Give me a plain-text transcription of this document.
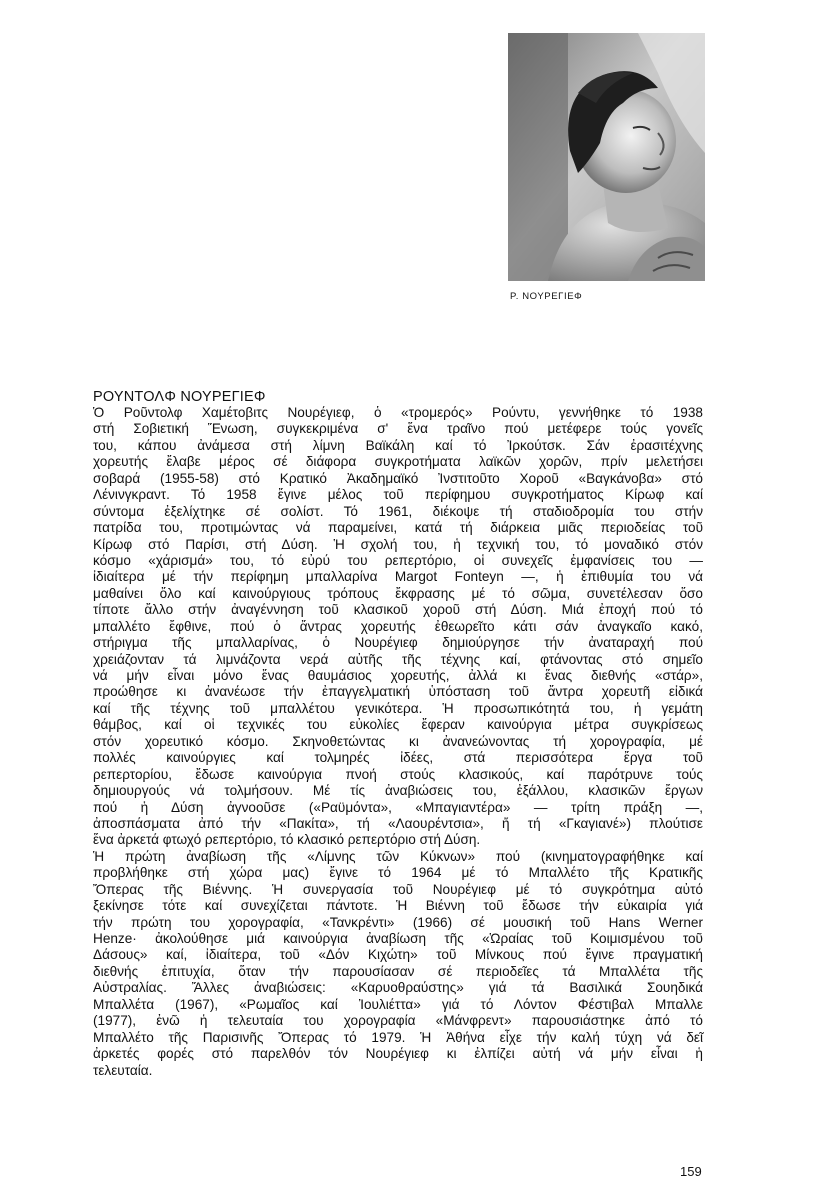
Ρ. ΝΟΥΡΕΓΙΕΦ
ΡΟΥΝΤΟΛΦ ΝΟΥΡΕΓΙΕΦ
Ὁ Ροῦντολφ Χαμέτοβιτς Νουρέγιεφ, ὁ «τρομερός» Ρούντυ, γεννήθηκε τό 1938
στή Σοβιετική Ἕνωση, συγκεκριμένα σ' ἕνα τραῖνο πού μετέφερε τούς γονεῖς
του, κάπου ἀνάμεσα στή λίμνη Βαϊκάλη καί τό Ἰρκούτσκ. Σάν ἐρασιτέχνης
χορευτής ἔλαβε μέρος σέ διάφορα συγκροτήματα λαϊκῶν χορῶν, πρίν μελετήσει
σοβαρά (1955-58) στό Κρατικό Ἀκαδημαϊκό Ἰνστιτοῦτο Χοροῦ «Βαγκάνοβα» στό
Λένινγκραντ. Τό 1958 ἔγινε μέλος τοῦ περίφημου συγκροτήματος Κίρωφ καί
σύντομα ἐξελίχτηκε σέ σολίστ. Τό 1961, διέκοψε τή σταδιοδρομία του στήν
πατρίδα του, προτιμώντας νά παραμείνει, κατά τή διάρκεια μιᾶς περιοδείας τοῦ
Κίρωφ στό Παρίσι, στή Δύση. Ἡ σχολή του, ἡ τεχνική του, τό μοναδικό στόν
κόσμο «χάρισμά» του, τό εὐρύ του ρεπερτόριο, οἱ συνεχεῖς ἐμφανίσεις του —
ἰδιαίτερα μέ τήν περίφημη μπαλλαρίνα Margot Fonteyn —, ἡ ἐπιθυμία του νά
μαθαίνει ὅλο καί καινούργιους τρόπους ἔκφρασης μέ τό σῶμα, συνετέλεσαν ὅσο
τίποτε ἄλλο στήν ἀναγέννηση τοῦ κλασικοῦ χοροῦ στή Δύση. Μιά ἐποχή πού τό
μπαλλέτο ἔφθινε, πού ὁ ἄντρας χορευτής ἐθεωρεῖτο κάτι σάν ἀναγκαῖο κακό,
στήριγμα τῆς μπαλλαρίνας, ὁ Νουρέγιεφ δημιούργησε τήν ἀναταραχή πού
χρειάζονταν τά λιμνάζοντα νερά αὐτῆς τῆς τέχνης καί, φτάνοντας στό σημεῖο
νά μήν εἶναι μόνο ἕνας θαυμάσιος χορευτής, ἀλλά κι ἕνας διεθνής «στάρ»,
προώθησε κι ἀνανέωσε τήν ἐπαγγελματική ὑπόσταση τοῦ ἄντρα χορευτῆ εἰδικά
καί τῆς τέχνης τοῦ μπαλλέτου γενικότερα. Ἡ προσωπικότητά του, ἡ γεμάτη
θάμβος, καί οἱ τεχνικές του εὐκολίες ἔφεραν καινούργια μέτρα συγκρίσεως
στόν χορευτικό κόσμο. Σκηνοθετώντας κι ἀνανεώνοντας τή χορογραφία, μέ
πολλές καινούργιες καί τολμηρές ἰδέες, στά περισσότερα ἔργα τοῦ
ρεπερτορίου, ἔδωσε καινούργια πνοή στούς κλασικούς, καί παρότρυνε τούς
δημιουργούς νά τολμήσουν. Μέ τίς ἀναβιώσεις του, ἐξάλλου, κλασικῶν ἔργων
πού ἡ Δύση ἀγνοοῦσε («Ραϋμόντα», «Μπαγιαντέρα» — τρίτη πράξη —,
ἀποσπάσματα ἀπό τήν «Πακίτα», τή «Λαουρέντσια», ἤ τή «Γκαγιανέ») πλούτισε
ἕνα ἀρκετά φτωχό ρεπερτόριο, τό κλασικό ρεπερτόριο στή Δύση.
Ἡ πρώτη ἀναβίωση τῆς «Λίμνης τῶν Κύκνων» πού (κινηματογραφήθηκε καί
προβλήθηκε στή χώρα μας) ἔγινε τό 1964 μέ τό Μπαλλέτο τῆς Κρατικῆς
Ὄπερας τῆς Βιέννης. Ἡ συνεργασία τοῦ Νουρέγιεφ μέ τό συγκρότημα αὐτό
ξεκίνησε τότε καί συνεχίζεται πάντοτε. Ἡ Βιέννη τοῦ ἔδωσε τήν εὐκαιρία γιά
τήν πρώτη του χορογραφία, «Τανκρέντι» (1966) σέ μουσική τοῦ Hans Werner
Henze· ἀκολούθησε μιά καινούργια ἀναβίωση τῆς «Ὡραίας τοῦ Κοιμισμένου τοῦ
Δάσους» καί, ἰδιαίτερα, τοῦ «Δόν Κιχώτη» τοῦ Μίνκους πού ἔγινε πραγματική
διεθνής ἐπιτυχία, ὅταν τήν παρουσίασαν σέ περιοδεῖες τά Μπαλλέτα τῆς
Αὐστραλίας. Ἄλλες ἀναβιώσεις: «Καρυοθραύστης» γιά τά Βασιλικά Σουηδικά
Μπαλλέτα (1967), «Ρωμαῖος καί Ἰουλιέττα» γιά τό Λόντον Φέστιβαλ Μπαλλε
(1977), ἐνῶ ἡ τελευταία του χορογραφία «Μάνφρεντ» παρουσιάστηκε ἀπό τό
Μπαλλέτο τῆς Παρισινῆς Ὄπερας τό 1979. Ἡ Ἀθήνα εἶχε τήν καλή τύχη νά δεῖ
ἀρκετές φορές στό παρελθόν τόν Νουρέγιεφ κι ἐλπίζει αὐτή νά μήν εἶναι ἡ
τελευταία.
159
